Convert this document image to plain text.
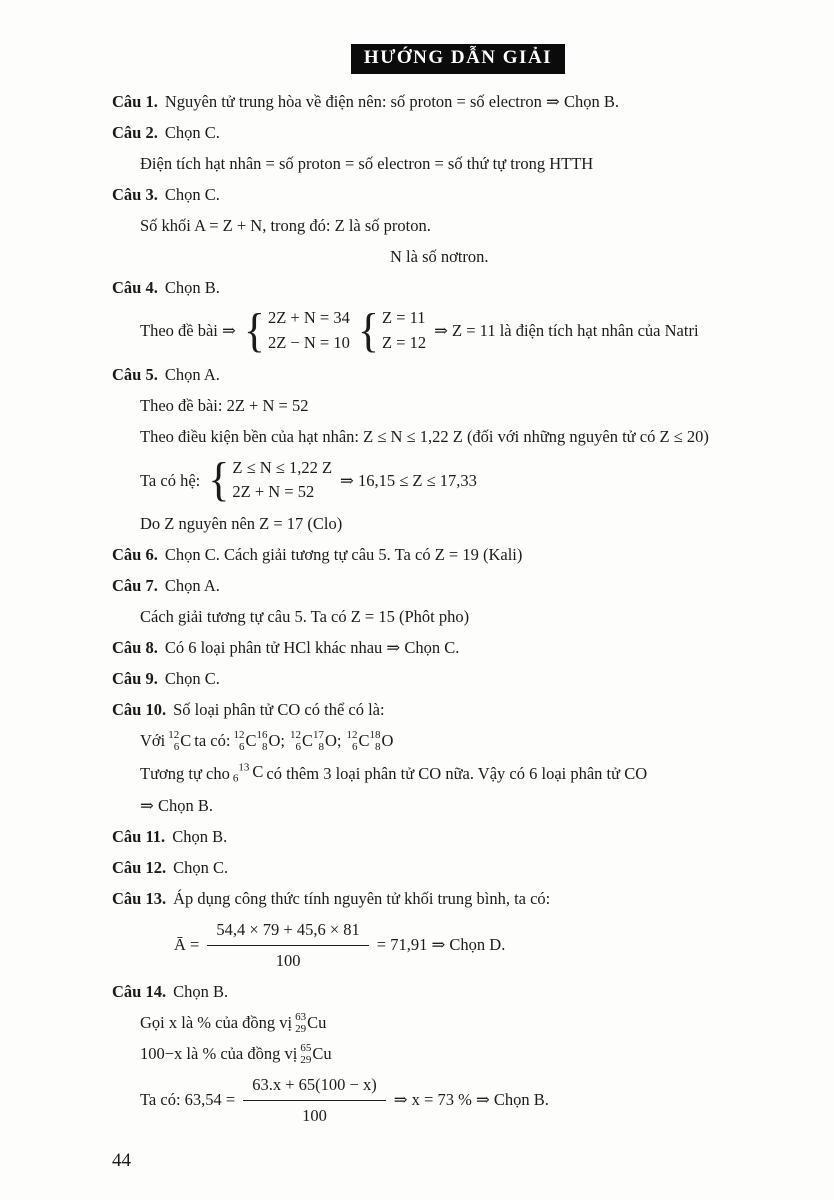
HƯỚNG DẪN GIẢI

Câu 1. Nguyên tử trung hòa về điện nên: số proton = số electron ⇒ Chọn B.

Câu 2. Chọn C.

Điện tích hạt nhân = số proton = số electron = số thứ tự trong HTTH

Câu 3. Chọn C.

Số khối A = Z + N, trong đó: Z là số proton.

N là số nơtron.

Câu 4. Chọn B.

Theo đề bài ⇒ { 2Z + N = 34
2Z − N = 10 { Z = 11
Z = 12
⇒ Z = 11 là điện tích hạt nhân của Natri

Câu 5. Chọn A.

Theo đề bài: 2Z + N = 52

Theo điều kiện bền của hạt nhân: Z ≤ N ≤ 1,22 Z (đối với những nguyên tử có Z ≤ 20)

Ta có hệ: { Z ≤ N ≤ 1,22 Z
2Z + N = 52
⇒ 16,15 ≤ Z ≤ 17,33

Do Z nguyên nên Z = 17 (Clo)

Câu 6. Chọn C. Cách giải tương tự câu 5. Ta có Z = 19 (Kali)

Câu 7. Chọn A.

Cách giải tương tự câu 5. Ta có Z = 15 (Phôt pho)

Câu 8. Có 6 loại phân tử HCl khác nhau ⇒ Chọn C.

Câu 9. Chọn C.

Câu 10. Số loại phân tử CO có thể có là:

Với 12
6 C ta có: 12
6 C 16
8 O; 12
6 C 17
8 O; 12
6 C 18
8 O
Tương tự cho $_6^{13}$ C có thêm 3 loại phân tử CO nữa. Vậy có 6 loại phân tử CO

⇒ Chọn B.

Câu 11. Chọn B.

Câu 12. Chọn C.

Câu 13. Áp dụng công thức tính nguyên tử khối trung bình, ta có:

Ā = $\frac{54,4 \times 79 + 45,6 \times 81}{100} = 71,91$ ⇒ Chọn D.

Câu 14. Chọn B.

Gọi x là % của đồng vị 63
29 Cu
100−x là % của đồng vị 65
29 Cu
Ta có: $63,54 = \frac{63.x + 65(100 - x)}{100}$ ⇒ x = 73 % ⇒ Chọn B.
44
